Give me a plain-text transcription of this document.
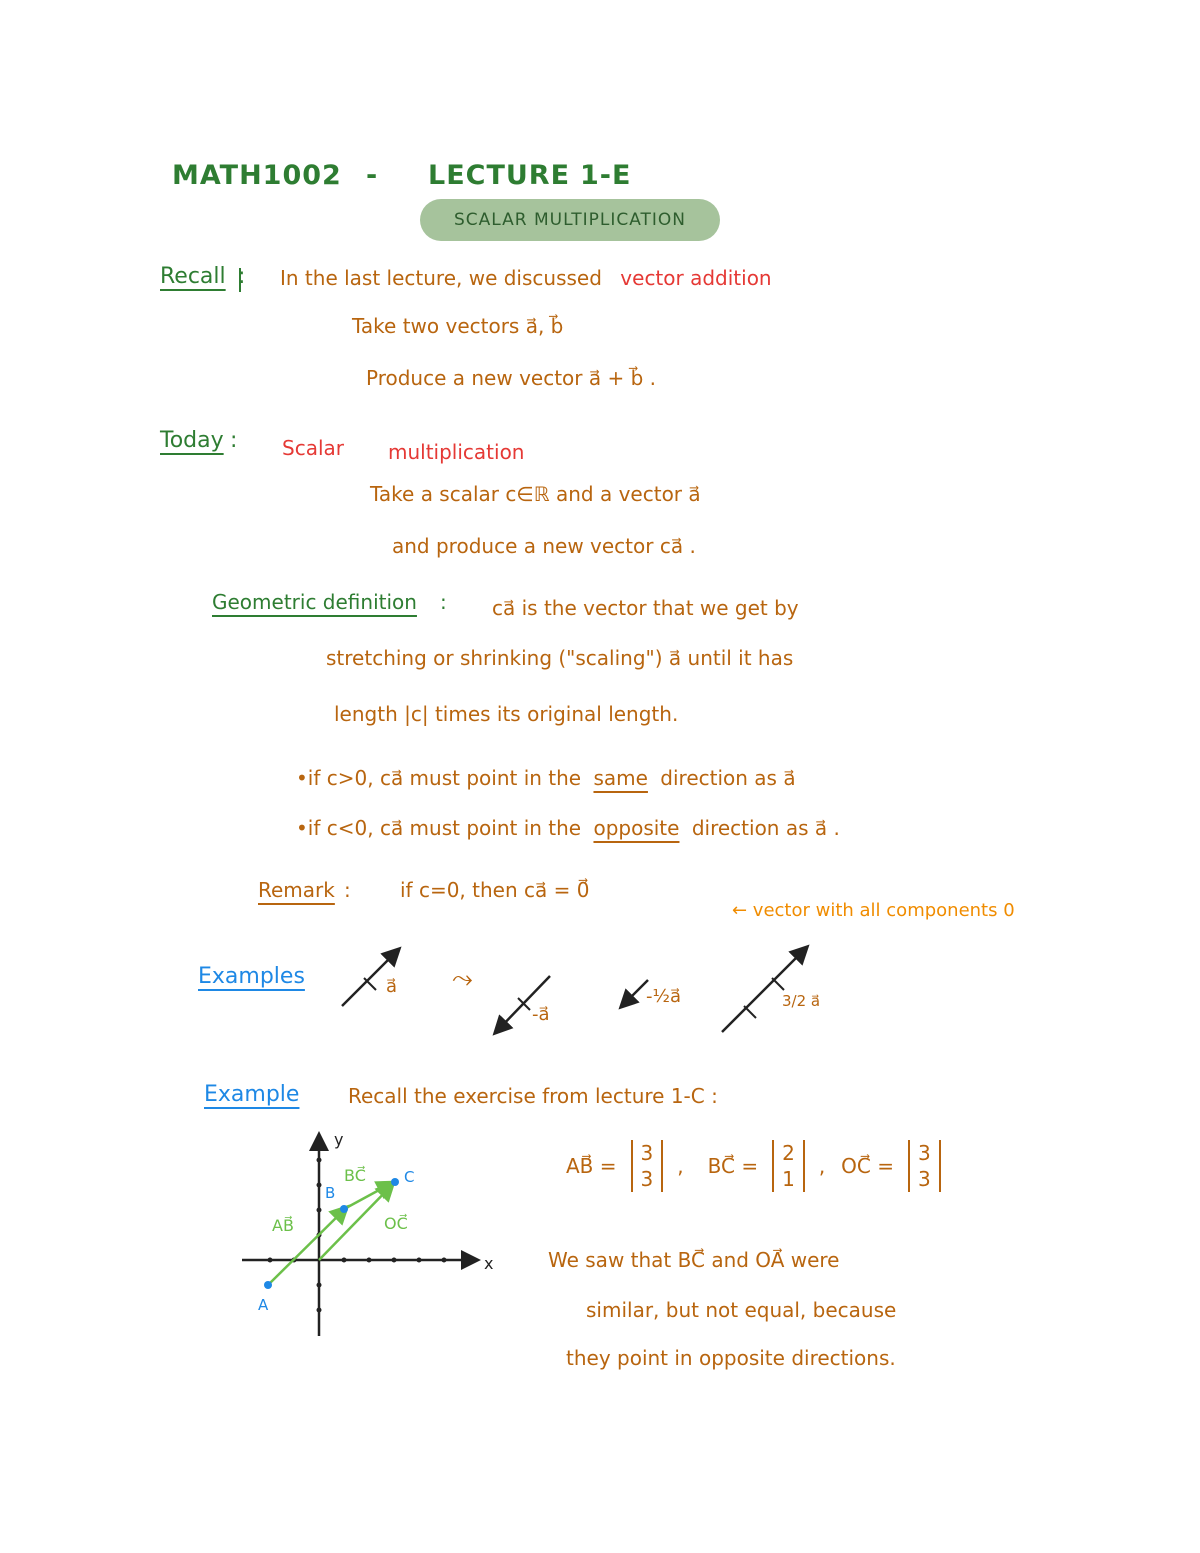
MATH1002 - LECTURE 1-E
SCALAR MULTIPLICATION
Recall : In the last lecture, we discussed vector addition
Take two vectors a⃗, b⃗
Produce a new vector a⃗ + b⃗ .
Today : Scalar multiplication
Take a scalar c∈ℝ and a vector a⃗
and produce a new vector ca⃗ .
Geometric definition : ca⃗ is the vector that we get by
stretching or shrinking ("scaling") a⃗ until it has
length |c| times its original length.
•if c>0, ca⃗ must point in the same direction as a⃗
•if c<0, ca⃗ must point in the opposite direction as a⃗ .
Remark : if c=0, then ca⃗ = 0⃗
← vector with all components 0
Examples	⤳
a⃗
-a⃗
-½a⃗	3/2 a⃗
Example Recall the exercise from lecture 1-C :
AB⃗ =
3
3
, BC⃗ =
2
1
, OC⃗ =
3
3
We saw that BC⃗ and OA⃗ were
similar, but not equal, because
they point in opposite directions.
x
y
A
B
C
AB⃗
BC⃗
OC⃗
